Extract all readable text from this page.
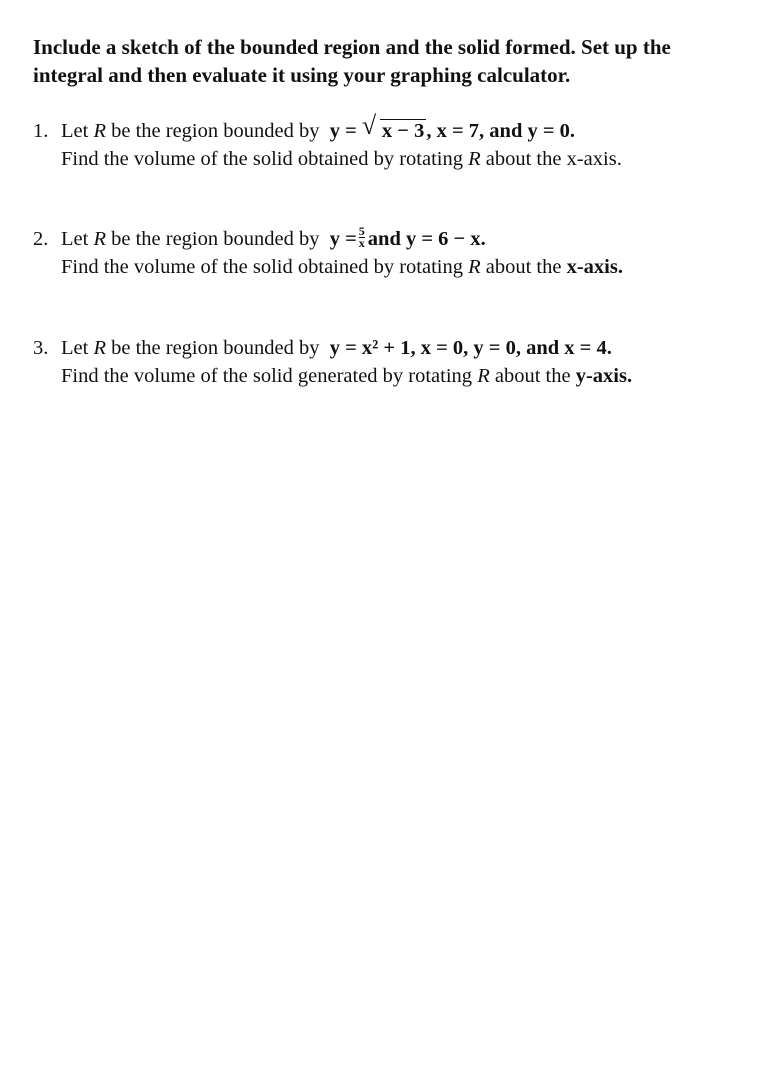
Include a sketch of the bounded region and the solid formed. Set up the
integral and then evaluate it using your graphing calculator.

1. Let R be the region bounded by y = √ x − 3, x = 7, and y = 0.
Find the volume of the solid obtained by rotating R about the x-axis.
2. Let R be the region bounded by $y = \frac{5}{x}$ and y = 6 − x.
Find the volume of the solid obtained by rotating R about the x-axis.
3. Let R be the region bounded by y = x² + 1, x = 0, y = 0, and x = 4.
Find the volume of the solid generated by rotating R about the y-axis.
